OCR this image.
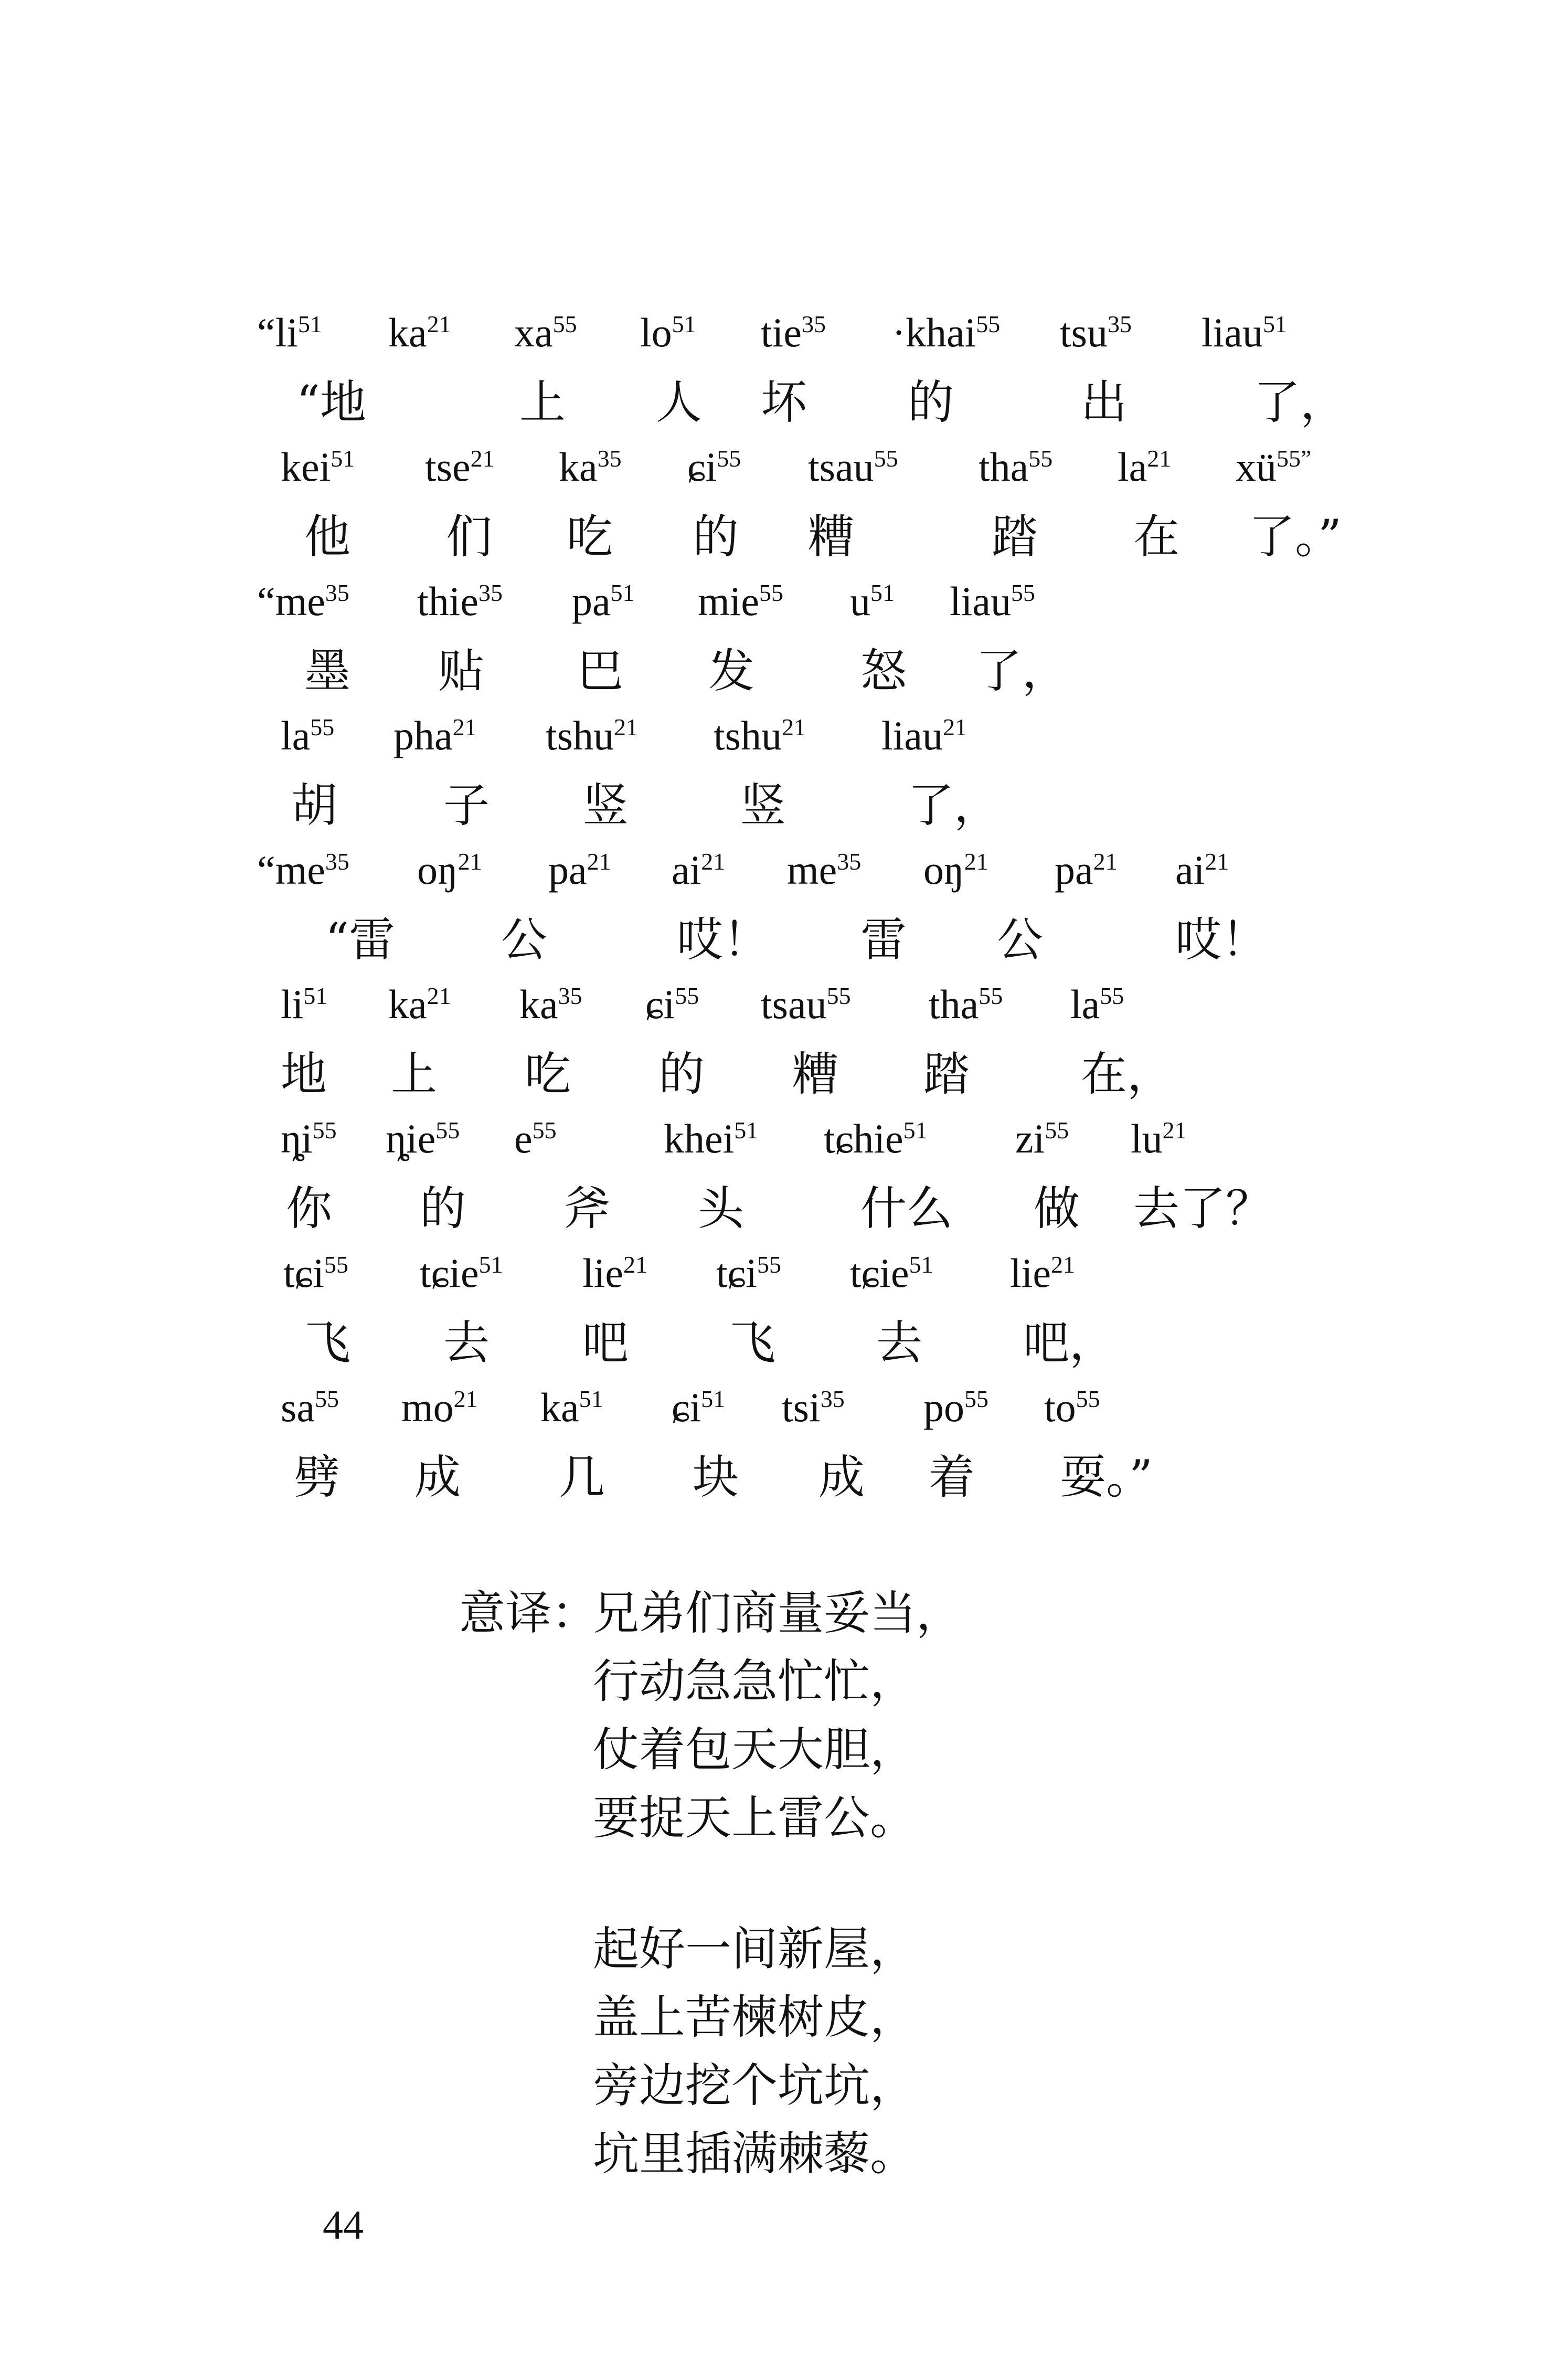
“$li^{51}$ $ka^{21}$ $xa^{55}$ $lo^{51}$ tie$^{35}$ ·khai$^{55}$ tsu$^{35}$ liau$^{51}$
“地	上 人 坏 的	出	了，
kei$^{51}$ tse$^{21}$ $ka^{35}$ ɕi$^{55}$ tsau$^{55}$ tha$^{55}$ $la^{21}$ $xü^{55”}$
他 们 吃 的 糟	踏 在 了。”
“$me^{35}$ thie$^{35}$ $pa^{51}$ mie$^{55}$ $u^{51}$ liau$^{55}$
墨 贴 巴 发 怒 了，
$la^{55}$ pha$^{21}$ tshu$^{21}$ tshu$^{21}$ liau$^{21}$
胡 子 竖 竖	了，
“$me^{35}$ $oŋ^{21}$ $pa^{21}$ $ai^{21}$ $me^{35}$ $oŋ^{21}$ $pa^{21}$ $ai^{21}$
“雷 公	哎！ 雷 公	哎！
$li^{51}$ $ka^{21}$ $ka^{35}$ ɕi$^{55}$ tsau$^{55}$ tha$^{55}$ $la^{55}$
地 上 吃 的 糟 踏 在，
$ȵi^{55}$ ȵie$^{55}$ $e^{55}$	khei$^{51}$ tɕhie$^{51}$ $zi^{55}$ $lu^{21}$
你 的 斧 头	什么 做 去了？
tɕi$^{55}$ tɕie$^{51}$ lie$^{21}$ tɕi$^{55}$ tɕie$^{51}$ lie$^{21}$
飞 去 吧 飞 去 吧，
$sa^{55}$ $mo^{21}$ $ka^{51}$ ɕi$^{51}$ tsi$^{35}$ $po^{55}$ $to^{55}$
劈 成 几 块 成 着 耍。”
意译：
兄弟们商量妥当，
行动急急忙忙，
仗着包天大胆，
要捉天上雷公。
起好一间新屋，
盖上苦楝树皮，
旁边挖个坑坑，
坑里插满棘藜。
44
